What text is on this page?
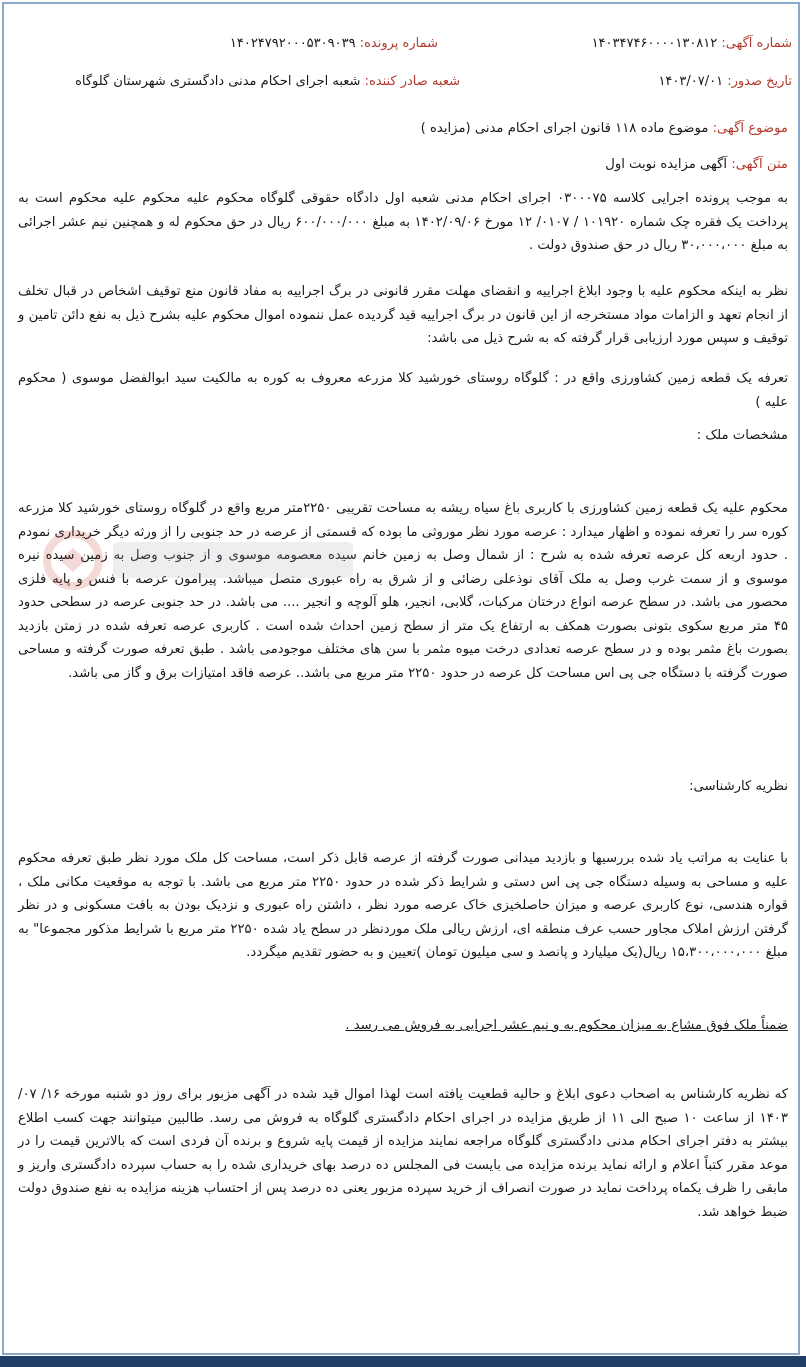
شماره آگهی: ۱۴۰۳۴۷۴۶۰۰۰۰۱۳۰۸۱۲
شماره پرونده: ۱۴۰۲۴۷۹۲۰۰۰۵۳۰۹۰۳۹
تاریخ صدور: ۱۴۰۳/۰۷/۰۱
شعبه صادر کننده: شعبه اجرای احکام مدنی دادگستری شهرستان گلوگاه
موضوع آگهی: موضوع ماده ۱۱۸ قانون اجرای احکام مدنی (مزایده )
متن آگهی: آگهی مزایده نوبت اول
به موجب پرونده اجرایی کلاسه ۰۳۰۰۰۷۵ اجرای احکام مدنی شعبه اول دادگاه حقوقی گلوگاه محکوم علیه محکوم علیه محکوم است به پرداخت یک فقره چک شماره ۱۰۱۹۲۰ / ۰۱۰۷/ ۱۲ مورخ ۱۴۰۲/۰۹/۰۶ به مبلغ ۶۰۰/۰۰۰/۰۰۰ ریال در حق محکوم له و همچنین نیم عشر اجرائی به مبلغ ۳۰،۰۰۰،۰۰۰ ریال در حق صندوق دولت .
نظر به اینکه محکوم علیه با وجود ابلاغ اجراییه و انقضای مهلت مقرر قانونی در برگ اجراییه به مفاد قانون منع توقیف اشخاص در قبال تخلف از انجام تعهد و الزامات مواد مستخرجه از این قانون در برگ اجراییه قید گردیده عمل ننموده اموال محکوم علیه بشرح ذیل به نفع دائن تامین و توقیف و سپس مورد ارزیابی قرار گرفته که به شرح ذیل می باشد:
تعرفه یک قطعه زمین کشاورزی واقع در : گلوگاه روستای خورشید کلا مزرعه معروف به کوره به مالکیت سید ابوالفضل موسوی ( محکوم علیه )
مشخصات ملک :
محکوم علیه یک قطعه زمین کشاورزی با کاربری باغ سیاه ریشه به مساحت تقریبی ۲۲۵۰متر مربع واقع در گلوگاه روستای خورشید کلا مزرعه کوره سر را تعرفه نموده و اظهار میدارد : عرصه مورد نظر موروثی ما بوده که قسمتی از عرصه در حد جنوبی را از ورثه دیگر خریداری نمودم . حدود اربعه کل عرصه تعرفه شده به شرح : از شمال وصل به زمین خانم سیده معصومه موسوی و از جنوب وصل به زمین سیده نیره موسوی و از سمت غرب وصل به ملک آقای نوذعلی رضائی و از شرق به راه عبوری متصل میباشد. پیرامون عرصه با فنس و پایه فلزی محصور می باشد. در سطح عرصه انواع درختان مرکبات، گلابی، انجیر، هلو آلوچه و انجیر .... می باشد. در حد جنوبی عرصه در سطحی حدود ۴۵ متر مربع سکوی بتونی بصورت همکف به ارتفاع یک متر از سطح زمین احداث شده است . کاربری عرصه تعرفه شده در زمتن بازدید بصورت باغ مثمر بوده و در سطح عرصه تعدادی درخت میوه مثمر با سن های مختلف موجودمی باشد . طبق تعرفه صورت گرفته و مساحی صورت گرفته با دستگاه جی پی اس مساحت کل عرصه در حدود ۲۲۵۰ متر مربع می باشد.. عرصه فاقد امتیازات برق و گاز می باشد.
نظریه کارشناسی:
با عنایت به مراتب یاد شده بررسیها و بازدید میدانی صورت گرفته از عرصه قابل ذکر است، مساحت کل ملک مورد نظر طبق تعرفه محکوم علیه و مساحی به وسیله دستگاه جی پی اس دستی و شرایط ذکر شده در حدود ۲۲۵۰ متر مربع می باشد. با توجه به موقعیت مکانی ملک ، قواره هندسی، نوع کاربری عرصه و میزان حاصلخیزی خاک عرصه مورد نظر ، داشتن راه عبوری و نزدیک بودن به بافت مسکونی و در نظر گرفتن ارزش املاک مجاور حسب عرف منطقه ای، ارزش ریالی ملک موردنظر در سطح یاد شده ۲۲۵۰ متر مربع با شرایط مذکور مجموعا" به مبلغ ۱۵،۳۰۰،۰۰۰،۰۰۰ ریال(یک میلیارد و پانصد و سی میلیون تومان )تعیین و به حضور تقدیم میگردد.
ضمناً ملک فوق مشاع به میزان محکوم به و نیم عشر اجرایی به فروش می رسد .
که نظریه کارشناس به اصحاب دعوی ابلاغ و حالیه قطعیت یافته است لهذا اموال قید شده در آگهی مزبور برای روز دو شنبه مورخه ۱۶/ ۰۷/ ۱۴۰۳ از ساعت ۱۰ صبح الی ۱۱ از طریق مزایده در اجرای احکام دادگستری گلوگاه به فروش می رسد. طالبین میتوانند جهت کسب اطلاع بیشتر به دفتر اجرای احکام مدنی دادگستری گلوگاه مراجعه نمایند مزایده از قیمت پایه شروع و برنده آن فردی است که بالاترین قیمت را در موعد مقرر کتباً اعلام و ارائه نماید برنده مزایده می بایست فی المجلس ده درصد بهای خریداری شده را به حساب سپرده دادگستری واریز و مابقی را ظرف یکماه پرداخت نماید در صورت انصراف از خرید سپرده مزبور یعنی ده درصد پس از احتساب هزینه مزایده به نفع صندوق دولت ضبط خواهد شد.
